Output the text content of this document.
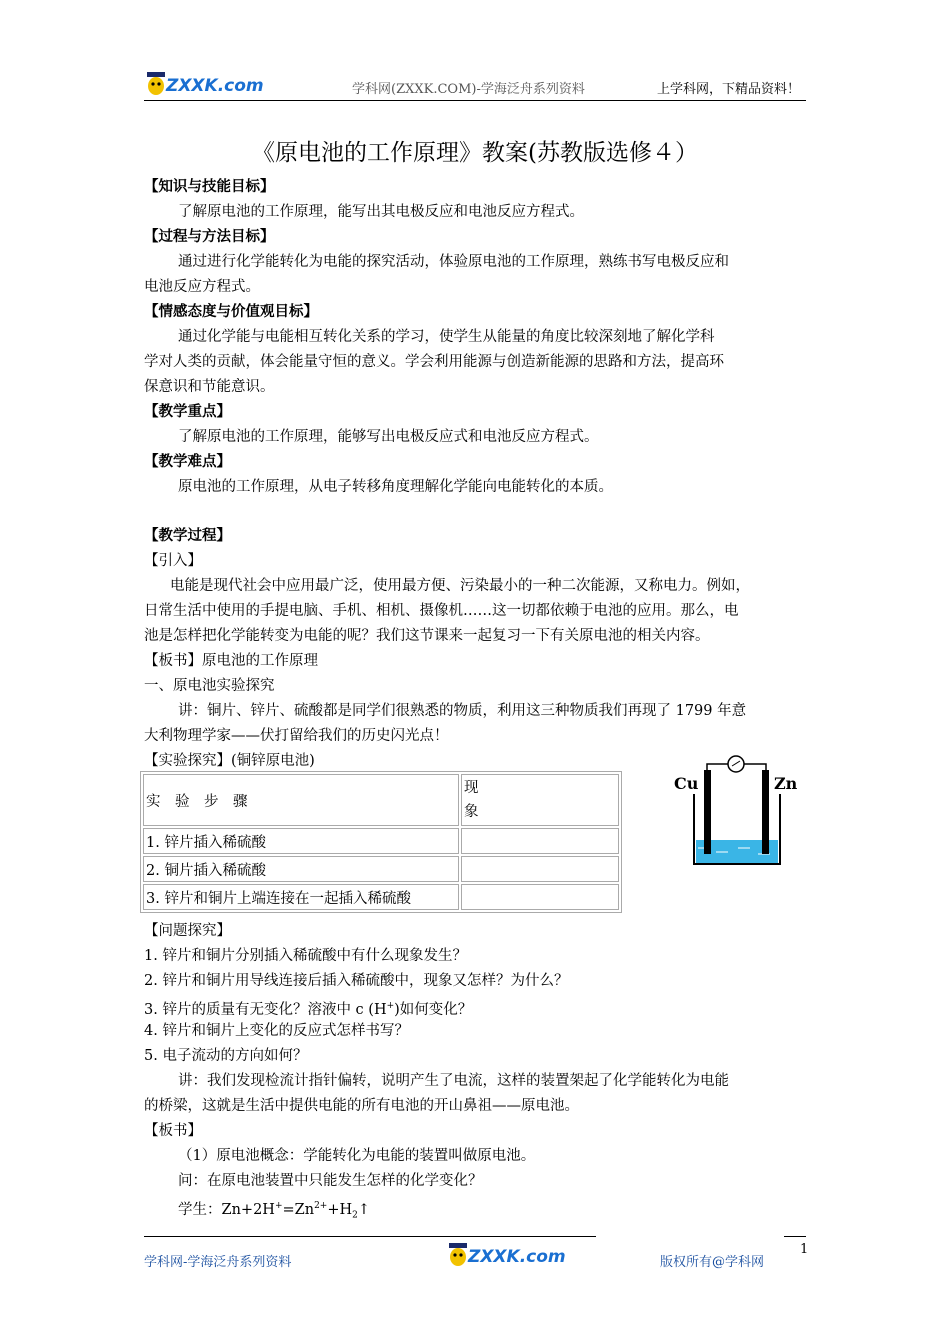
ZXXK.com	学科网(ZXXK.COM)-学海泛舟系列资料	上学科网，下精品资料！
《原电池的工作原理》教案(苏教版选修４）
【知识与技能目标】
了解原电池的工作原理，能写出其电极反应和电池反应方程式。
【过程与方法目标】
通过进行化学能转化为电能的探究活动，体验原电池的工作原理，熟练书写电极反应和
电池反应方程式。
【情感态度与价值观目标】
通过化学能与电能相互转化关系的学习，使学生从能量的角度比较深刻地了解化学科
学对人类的贡献，体会能量守恒的意义。学会利用能源与创造新能源的思路和方法，提高环
保意识和节能意识。
【教学重点】
了解原电池的工作原理，能够写出电极反应式和电池反应方程式。
【教学难点】
原电池的工作原理，从电子转移角度理解化学能向电能转化的本质。
【教学过程】
【引入】
电能是现代社会中应用最广泛，使用最方便、污染最小的一种二次能源，又称电力。例如，
日常生活中使用的手提电脑、手机、相机、摄像机……这一切都依赖于电池的应用。那么，电
池是怎样把化学能转变为电能的呢？我们这节课来一起复习一下有关原电池的相关内容。
【板书】原电池的工作原理
一、原电池实验探究
讲：铜片、锌片、硫酸都是同学们很熟悉的物质，利用这三种物质我们再现了 1799 年意
大利物理学家——伏打留给我们的历史闪光点！
【实验探究】(铜锌原电池)
实　验　步　骤	现象

1. 锌片插入稀硫酸	
2. 铜片插入稀硫酸	
3. 锌片和铜片上端连接在一起插入稀硫酸	
Cu	Zn
【问题探究】
1. 锌片和铜片分别插入稀硫酸中有什么现象发生？
2. 锌片和铜片用导线连接后插入稀硫酸中，现象又怎样？为什么？
3. 锌片的质量有无变化？溶液中 c (H+)如何变化？
4. 锌片和铜片上变化的反应式怎样书写？
5. 电子流动的方向如何？
讲：我们发现检流计指针偏转，说明产生了电流，这样的装置架起了化学能转化为电能
的桥梁，这就是生活中提供电能的所有电池的开山鼻祖——原电池。
【板书】
（1）原电池概念：学能转化为电能的装置叫做原电池。
问：在原电池装置中只能发生怎样的化学变化？
学生：$Zn+2H^+=Zn^{2+}+H_2↑$
学科网-学海泛舟系列资料	ZXXK.com	1
版权所有@学科网
